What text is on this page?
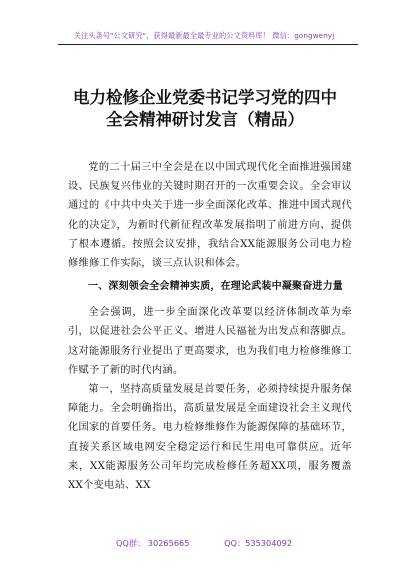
关注头条号"公文研究"，获得最新最全最专业的公文资料库！ 微信：gongwenyj
电力检修企业党委书记学习党的四中
全会精神研讨发言（精品）

党的二十届三中全会是在以中国式现代化全面推进强国建设、民族复兴伟业的关键时期召开的一次重要会议。全会审议通过的《中共中央关于进一步全面深化改革、推进中国式现代化的决定》，为新时代新征程改革发展指明了前进方向、提供了根本遵循。按照会议安排，我结合XX能源服务公司电力检修维修工作实际，谈三点认识和体会。

一、深刻领会全会精神实质，在理论武装中凝聚奋进力量

全会强调，进一步全面深化改革要以经济体制改革为牵引，以促进社会公平正义、增进人民福祉为出发点和落脚点。这对能源服务行业提出了更高要求，也为我们电力检修维修工作赋予了新的时代内涵。

第一，坚持高质量发展是首要任务，必须持续提升服务保障能力。全会明确指出，高质量发展是全面建设社会主义现代化国家的首要任务。电力检修维修作为能源保障的基础环节，直接关系区域电网安全稳定运行和民生用电可靠供应。近年来，XX能源服务公司年均完成检修任务超XX项，服务覆盖XX个变电站、XX

QQ群： 30265665	QQ：535304092
